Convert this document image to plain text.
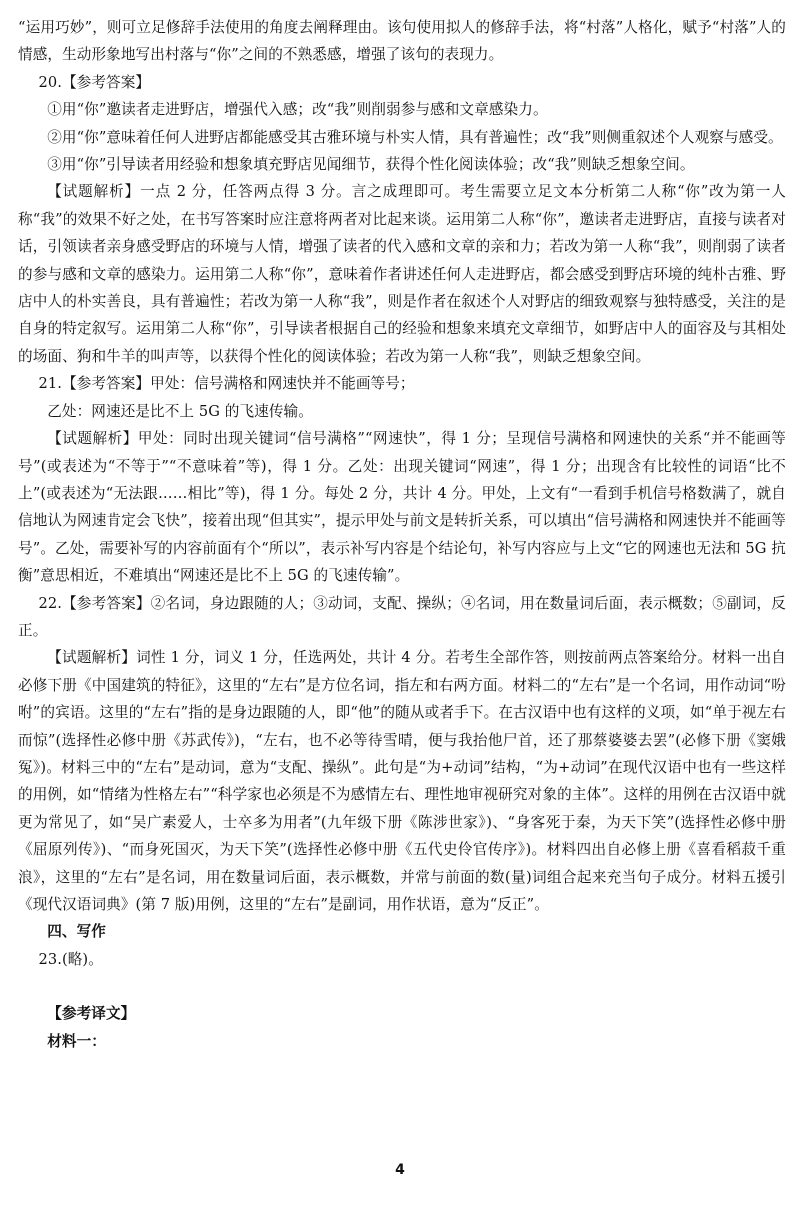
“运用巧妙”，则可立足修辞手法使用的角度去阐释理由。该句使用拟人的修辞手法，将“村落”人格化，赋予“村落”人的情感，生动形象地写出村落与“你”之间的不熟悉感，增强了该句的表现力。

20.【参考答案】

①用“你”邀读者走进野店，增强代入感；改“我”则削弱参与感和文章感染力。

②用“你”意味着任何人进野店都能感受其古雅环境与朴实人情，具有普遍性；改“我”则侧重叙述个人观察与感受。

③用“你”引导读者用经验和想象填充野店见闻细节，获得个性化阅读体验；改“我”则缺乏想象空间。

【试题解析】一点 2 分，任答两点得 3 分。言之成理即可。考生需要立足文本分析第二人称“你”改为第一人称“我”的效果不好之处，在书写答案时应注意将两者对比起来谈。运用第二人称“你”，邀读者走进野店，直接与读者对话，引领读者亲身感受野店的环境与人情，增强了读者的代入感和文章的亲和力；若改为第一人称“我”，则削弱了读者的参与感和文章的感染力。运用第二人称“你”，意味着作者讲述任何人走进野店，都会感受到野店环境的纯朴古雅、野店中人的朴实善良，具有普遍性；若改为第一人称“我”，则是作者在叙述个人对野店的细致观察与独特感受，关注的是自身的特定叙写。运用第二人称“你”，引导读者根据自己的经验和想象来填充文章细节，如野店中人的面容及与其相处的场面、狗和牛羊的叫声等，以获得个性化的阅读体验；若改为第一人称“我”，则缺乏想象空间。

21.【参考答案】甲处：信号满格和网速快并不能画等号；

乙处：网速还是比不上 5G 的飞速传输。

【试题解析】甲处：同时出现关键词“信号满格”“网速快”，得 1 分；呈现信号满格和网速快的关系“并不能画等号”(或表述为“不等于”“不意味着”等)，得 1 分。乙处：出现关键词“网速”，得 1 分；出现含有比较性的词语“比不上”(或表述为“无法跟……相比”等)，得 1 分。每处 2 分，共计 4 分。甲处，上文有“一看到手机信号格数满了，就自信地认为网速肯定会飞快”，接着出现“但其实”，提示甲处与前文是转折关系，可以填出“信号满格和网速快并不能画等号”。乙处，需要补写的内容前面有个“所以”，表示补写内容是个结论句，补写内容应与上文“它的网速也无法和 5G 抗衡”意思相近，不难填出“网速还是比不上 5G 的飞速传输”。

22.【参考答案】②名词，身边跟随的人；③动词，支配、操纵；④名词，用在数量词后面，表示概数；⑤副词，反正。

【试题解析】词性 1 分，词义 1 分，任选两处，共计 4 分。若考生全部作答，则按前两点答案给分。材料一出自必修下册《中国建筑的特征》，这里的“左右”是方位名词，指左和右两方面。材料二的“左右”是一个名词，用作动词“吩咐”的宾语。这里的“左右”指的是身边跟随的人，即“他”的随从或者手下。在古汉语中也有这样的义项，如“单于视左右而惊”(选择性必修中册《苏武传》)，“左右，也不必等待雪晴，便与我抬他尸首，还了那蔡婆婆去罢”(必修下册《窦娥冤》)。材料三中的“左右”是动词，意为“支配、操纵”。此句是“为+动词”结构，“为+动词”在现代汉语中也有一些这样的用例，如“情绪为性格左右”“科学家也必须是不为感情左右、理性地审视研究对象的主体”。这样的用例在古汉语中就更为常见了，如“吴广素爱人，士卒多为用者”(九年级下册《陈涉世家》)、“身客死于秦，为天下笑”(选择性必修中册《屈原列传》)、“而身死国灭，为天下笑”(选择性必修中册《五代史伶官传序》)。材料四出自必修上册《喜看稻菽千重浪》，这里的“左右”是名词，用在数量词后面，表示概数，并常与前面的数(量)词组合起来充当句子成分。材料五援引《现代汉语词典》(第 7 版)用例，这里的“左右”是副词，用作状语，意为“反正”。

四、写作

23.(略)。

【参考译文】

材料一：

4
